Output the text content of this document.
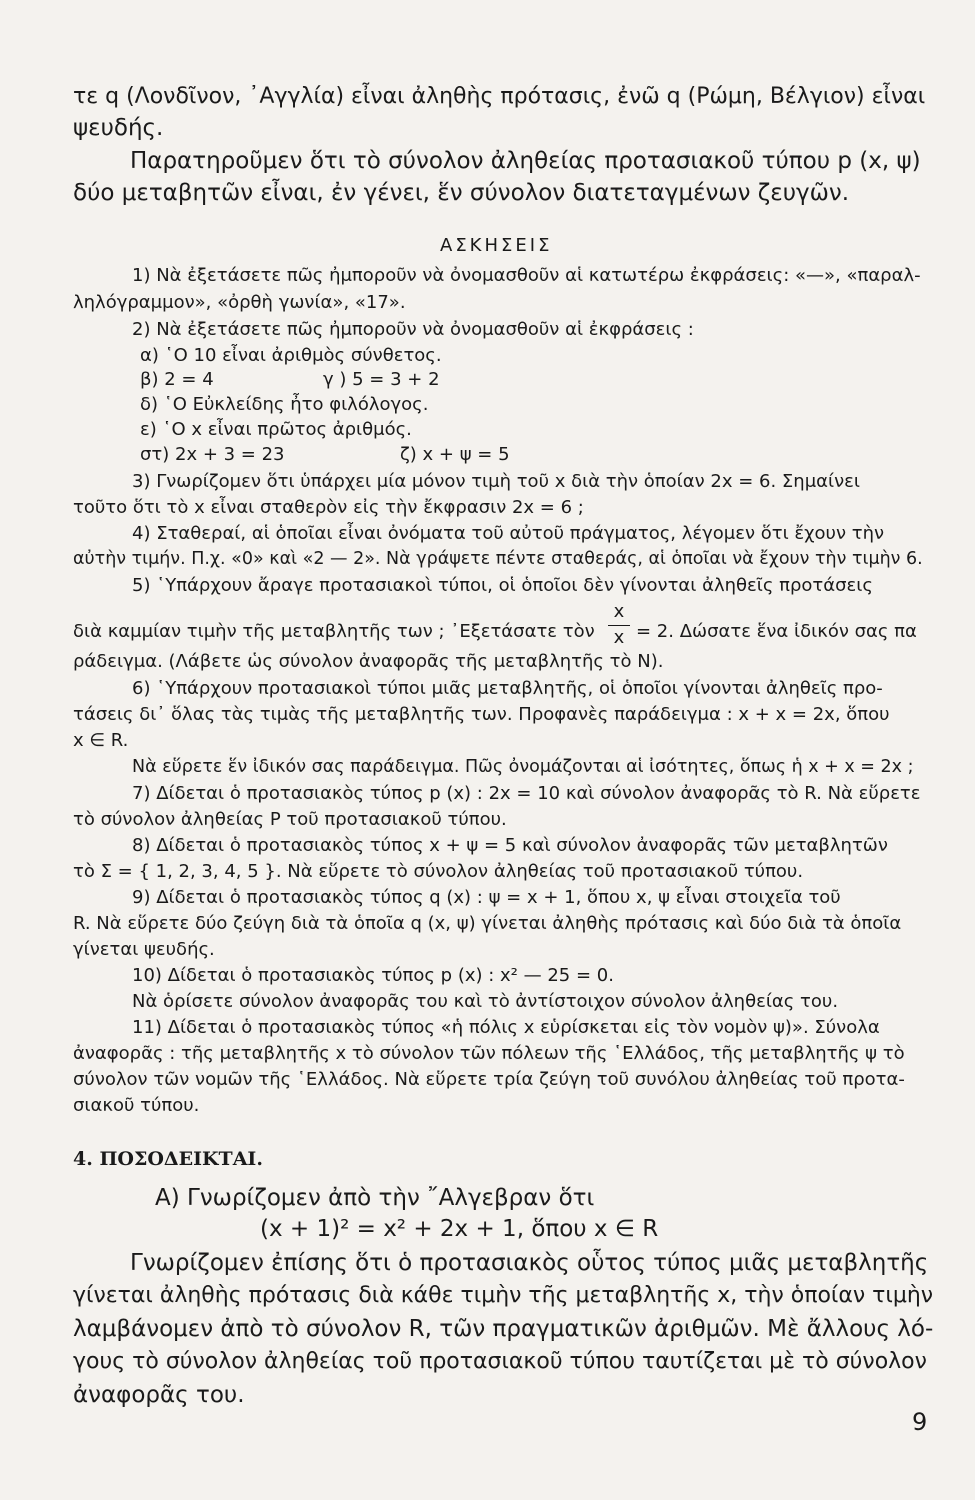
τε q (Λονδῖνον, ᾿Αγγλία) εἶναι ἀληθὴς πρότασις, ἐνῶ q (Ρώμη, Βέλγιον) εἶναι
ψευδής.
Παρατηροῦμεν ὅτι τὸ σύνολον ἀληθείας προτασιακοῦ τύπου p (x, ψ)
δύο μεταβητῶν εἶναι, ἐν γένει, ἕν σύνολον διατεταγμένων ζευγῶν.
ΑΣΚΗΣΕΙΣ
1) Νὰ ἐξετάσετε πῶς ἠμποροῦν νὰ ὀνομασθοῦν αἱ κατωτέρω ἐκφράσεις: «—», «παραλ-
ληλόγραμμον», «ὀρθὴ γωνία», «17».
2) Νὰ ἐξετάσετε πῶς ἠμποροῦν νὰ ὀνομασθοῦν αἱ ἐκφράσεις :
α) ῾Ο 10 εἶναι ἀριθμὸς σύνθετος.
β) 2 = 4	γ ) 5 = 3 + 2
δ) ῾Ο Εὐκλείδης ἦτο φιλόλογος.
ε) ῾Ο x εἶναι πρῶτος ἀριθμός.
στ) 2x + 3 = 23	ζ) x + ψ = 5
3) Γνωρίζομεν ὅτι ὑπάρχει μία μόνον τιμὴ τοῦ x διὰ τὴν ὁποίαν 2x = 6. Σημαίνει
τοῦτο ὅτι τὸ x εἶναι σταθερὸν εἰς τὴν ἔκφρασιν 2x = 6 ;
4) Σταθεραί, αἱ ὁποῖαι εἶναι ὀνόματα τοῦ αὐτοῦ πράγματος, λέγομεν ὅτι ἔχουν τὴν
αὐτὴν τιμήν. Π.χ. «0» καὶ «2 — 2». Νὰ γράψετε πέντε σταθεράς, αἱ ὁποῖαι νὰ ἔχουν τὴν τιμὴν 6.
5) ῾Υπάρχουν ἄραγε προτασιακοὶ τύποι, οἱ ὁποῖοι δὲν γίνονται ἀληθεῖς προτάσεις
διὰ καμμίαν τιμὴν τῆς μεταβλητῆς των ; ᾿Εξετάσατε τὸν
x
x = 2. Δώσατε ἕνα ἰδικόν σας πα
ράδειγμα. (Λάβετε ὡς σύνολον ἀναφορᾶς τῆς μεταβλητῆς τὸ N).
6) ῾Υπάρχουν προτασιακοὶ τύποι μιᾶς μεταβλητῆς, οἱ ὁποῖοι γίνονται ἀληθεῖς προ-
τάσεις δι᾿ ὅλας τὰς τιμὰς τῆς μεταβλητῆς των. Προφανὲς παράδειγμα : x + x = 2x, ὅπου
x ∈ R.
Νὰ εὕρετε ἕν ἰδικόν σας παράδειγμα. Πῶς ὀνομάζονται αἱ ἰσότητες, ὅπως ἡ x + x = 2x ;
7) Δίδεται ὁ προτασιακὸς τύπος p (x) : 2x = 10 καὶ σύνολον ἀναφορᾶς τὸ R. Νὰ εὕρετε
τὸ σύνολον ἀληθείας P τοῦ προτασιακοῦ τύπου.
8) Δίδεται ὁ προτασιακὸς τύπος x + ψ = 5 καὶ σύνολον ἀναφορᾶς τῶν μεταβλητῶν
τὸ Σ = { 1, 2, 3, 4, 5 }. Νὰ εὕρετε τὸ σύνολον ἀληθείας τοῦ προτασιακοῦ τύπου.
9) Δίδεται ὁ προτασιακὸς τύπος q (x) : ψ = x + 1, ὅπου x, ψ εἶναι στοιχεῖα τοῦ
R. Νὰ εὕρετε δύο ζεύγη διὰ τὰ ὁποῖα q (x, ψ) γίνεται ἀληθὴς πρότασις καὶ δύο διὰ τὰ ὁποῖα
γίνεται ψευδής.
10) Δίδεται ὁ προτασιακὸς τύπος p (x) : x² — 25 = 0.
Νὰ ὁρίσετε σύνολον ἀναφορᾶς του καὶ τὸ ἀντίστοιχον σύνολον ἀληθείας του.
11) Δίδεται ὁ προτασιακὸς τύπος «ἡ πόλις x εὑρίσκεται εἰς τὸν νομὸν ψ)». Σύνολα
ἀναφορᾶς : τῆς μεταβλητῆς x τὸ σύνολον τῶν πόλεων τῆς ῾Ελλάδος, τῆς μεταβλητῆς ψ τὸ
σύνολον τῶν νομῶν τῆς ῾Ελλάδος. Νὰ εὕρετε τρία ζεύγη τοῦ συνόλου ἀληθείας τοῦ προτα-
σιακοῦ τύπου.
4. ΠΟΣΟΔΕΙΚΤΑΙ.
Α) Γνωρίζομεν ἀπὸ τὴν ῎Αλγεβραν ὅτι
(x + 1)² = x² + 2x + 1, ὅπου x ∈ R
Γνωρίζομεν ἐπίσης ὅτι ὁ προτασιακὸς οὗτος τύπος μιᾶς μεταβλητῆς
γίνεται ἀληθὴς πρότασις διὰ κάθε τιμὴν τῆς μεταβλητῆς x, τὴν ὁποίαν τιμὴν
λαμβάνομεν ἀπὸ τὸ σύνολον R, τῶν πραγματικῶν ἀριθμῶν. Μὲ ἄλλους λό-
γους τὸ σύνολον ἀληθείας τοῦ προτασιακοῦ τύπου ταυτίζεται μὲ τὸ σύνολον
ἀναφορᾶς του.
9
